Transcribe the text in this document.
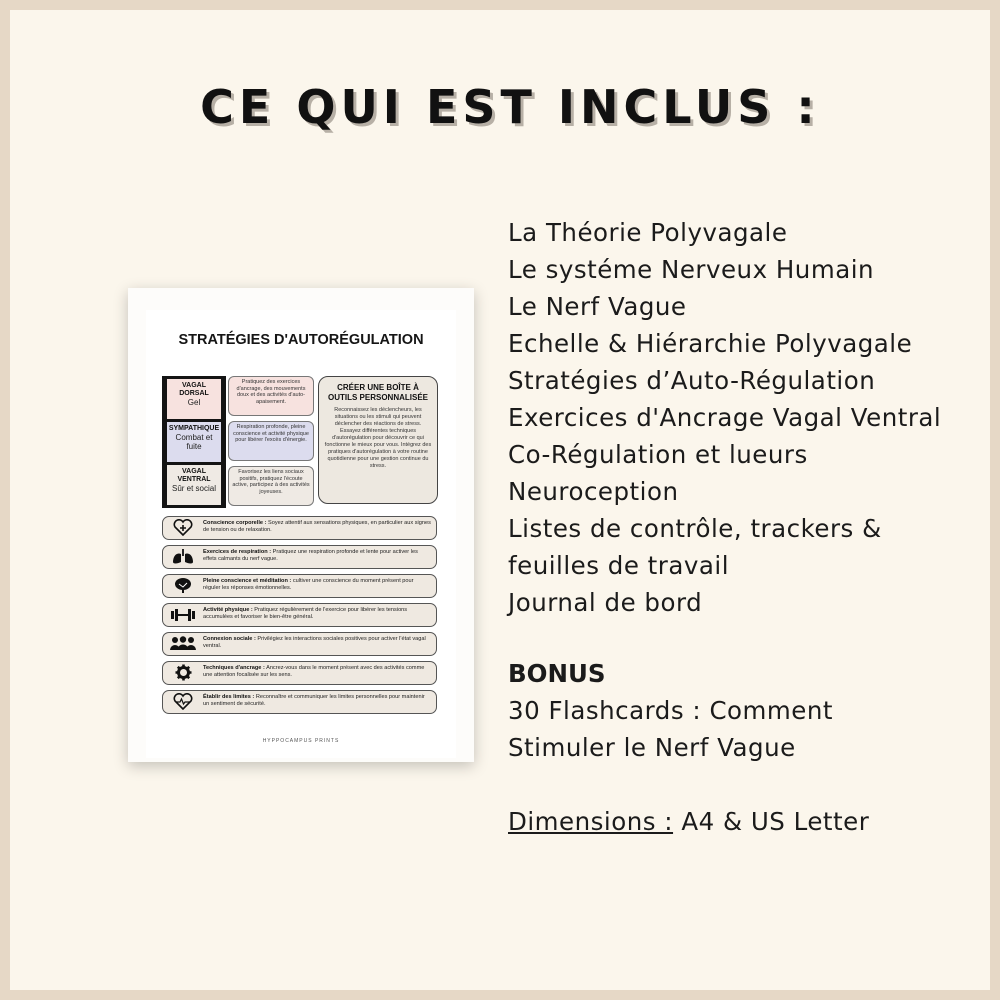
CE QUI EST INCLUS :
STRATÉGIES D'AUTORÉGULATION
VAGAL DORSAL
Gel
SYMPATHIQUE
Combat et fuite
VAGAL VENTRAL
Sûr et social
Pratiquez des exercices d'ancrage, des mouvements doux et des activités d'auto-apaisement.
Respiration profonde, pleine conscience et activité physique pour libérer l'excès d'énergie.
Favorisez les liens sociaux positifs, pratiquez l'écoute active, participez à des activités joyeuses.
CRÉER UNE BOÎTE À OUTILS PERSONNALISÉE
Reconnaissez les déclencheurs, les situations ou les stimuli qui peuvent déclencher des réactions de stress. Essayez différentes techniques d'autorégulation pour découvrir ce qui fonctionne le mieux pour vous. Intégrez des pratiques d'autorégulation à votre routine quotidienne pour une gestion continue du stress.
Conscience corporelle : Soyez attentif aux sensations physiques, en particulier aux signes de tension ou de relaxation.
Exercices de respiration : Pratiquez une respiration profonde et lente pour activer les effets calmants du nerf vague.
Pleine conscience et méditation : cultiver une conscience du moment présent pour réguler les réponses émotionnelles.
Activité physique : Pratiquez régulièrement de l'exercice pour libérer les tensions accumulées et favoriser le bien-être général.
Connexion sociale : Privilégiez les interactions sociales positives pour activer l'état vagal ventral.
Techniques d'ancrage : Ancrez-vous dans le moment présent avec des activités comme une attention focalisée sur les sens.
Établir des limites : Reconnaître et communiquer les limites personnelles pour maintenir un sentiment de sécurité.
HYPPOCAMPUS PRINTS
La Théorie Polyvagale
Le systéme Nerveux Humain
Le Nerf Vague
Echelle & Hiérarchie Polyvagale
Stratégies d’Auto-Régulation
Exercices d'Ancrage Vagal Ventral
Co-Régulation et lueurs
Neuroception
Listes de contrôle, trackers &
feuilles de travail
Journal de bord
BONUS
30 Flashcards : Comment
Stimuler le Nerf Vague
Dimensions : A4 & US Letter
